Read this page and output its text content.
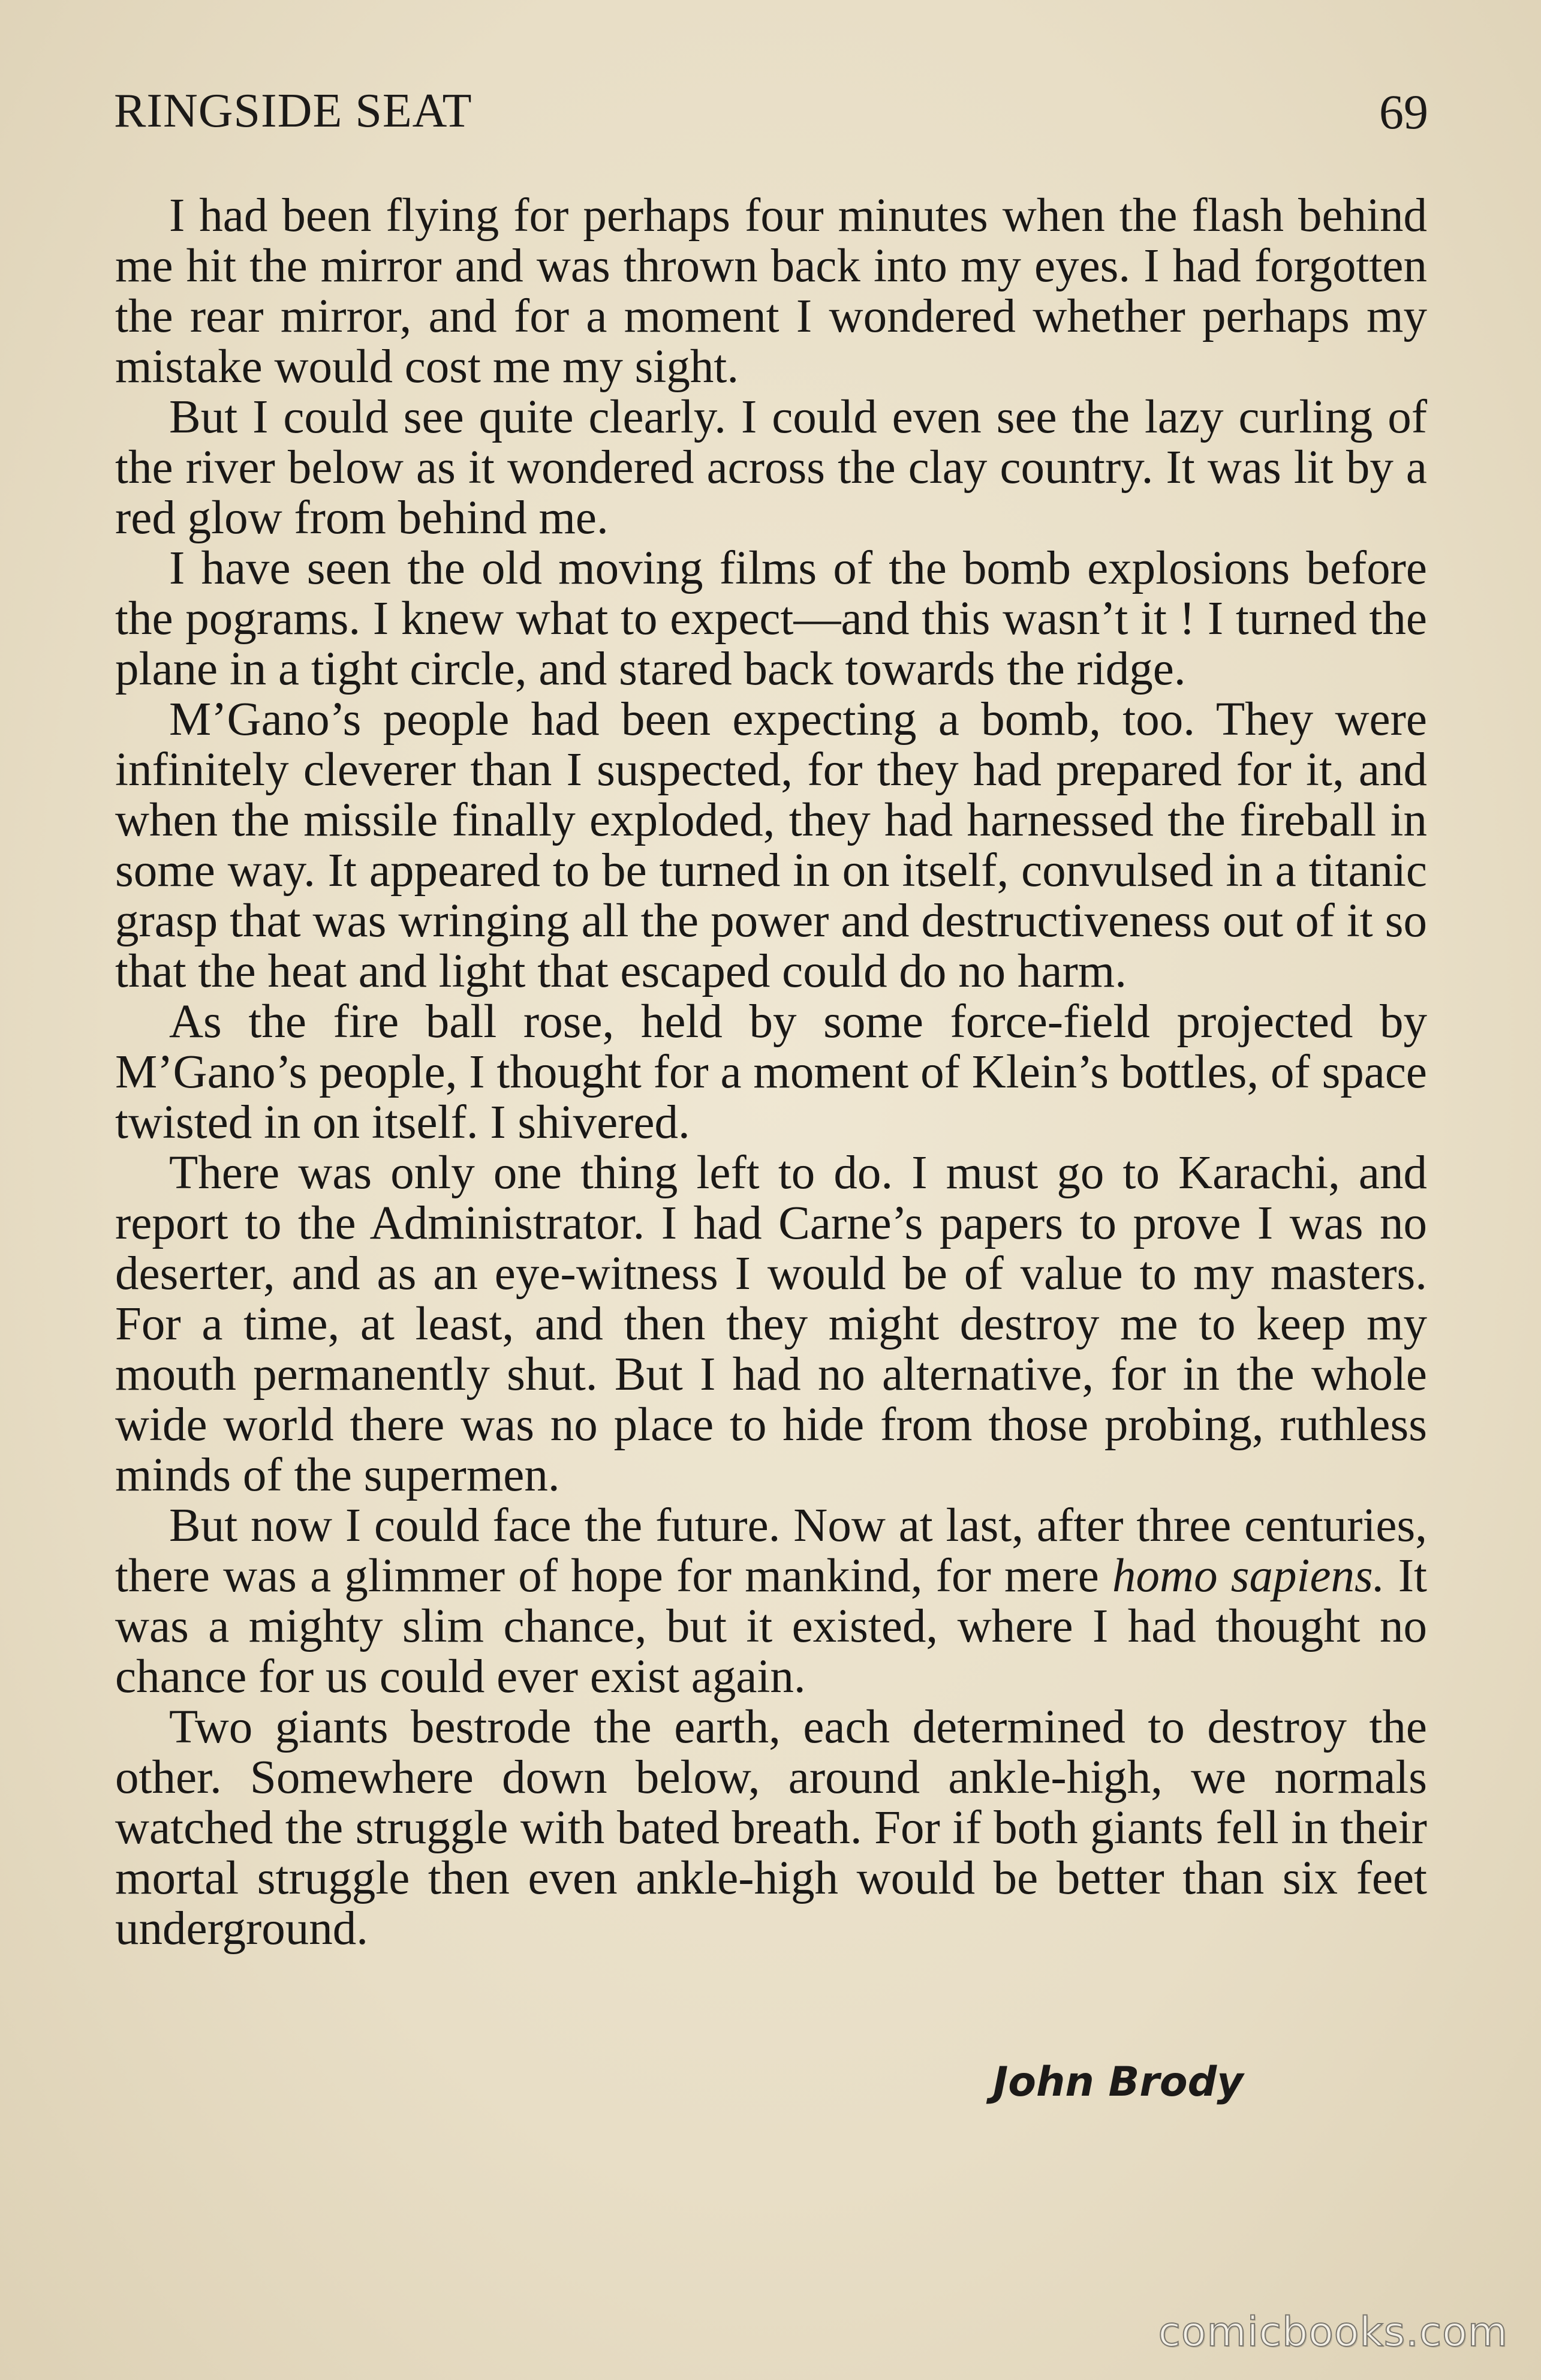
RINGSIDE SEAT	69

I had been flying for perhaps four minutes when the flash behind me hit the mirror and was thrown back into my eyes. I had forgotten the rear mirror, and for a moment I wondered whether perhaps my mistake would cost me my sight.

But I could see quite clearly. I could even see the lazy curling of the river below as it wondered across the clay country. It was lit by a red glow from behind me.

I have seen the old moving films of the bomb explosions before the pograms. I knew what to expect—and this wasn’t it ! I turned the plane in a tight circle, and stared back towards the ridge.

M’Gano’s people had been expecting a bomb, too. They were infinitely cleverer than I suspected, for they had prepared for it, and when the missile finally exploded, they had harnessed the fireball in some way. It appeared to be turned in on itself, convulsed in a titanic grasp that was wringing all the power and destructiveness out of it so that the heat and light that escaped could do no harm.

As the fire ball rose, held by some force-field projected by M’Gano’s people, I thought for a moment of Klein’s bottles, of space twisted in on itself. I shivered.

There was only one thing left to do. I must go to Karachi, and report to the Administrator. I had Carne’s papers to prove I was no deserter, and as an eye-witness I would be of value to my masters. For a time, at least, and then they might destroy me to keep my mouth permanently shut. But I had no alternative, for in the whole wide world there was no place to hide from those probing, ruthless minds of the supermen.

But now I could face the future. Now at last, after three centuries, there was a glimmer of hope for mankind, for mere homo sapiens. It was a mighty slim chance, but it existed, where I had thought no chance for us could ever exist again.

Two giants bestrode the earth, each determined to destroy the other. Somewhere down below, around ankle-high, we normals watched the struggle with bated breath. For if both giants fell in their mortal struggle then even ankle-high would be better than six feet underground.

John Brody
comicbooks.com
